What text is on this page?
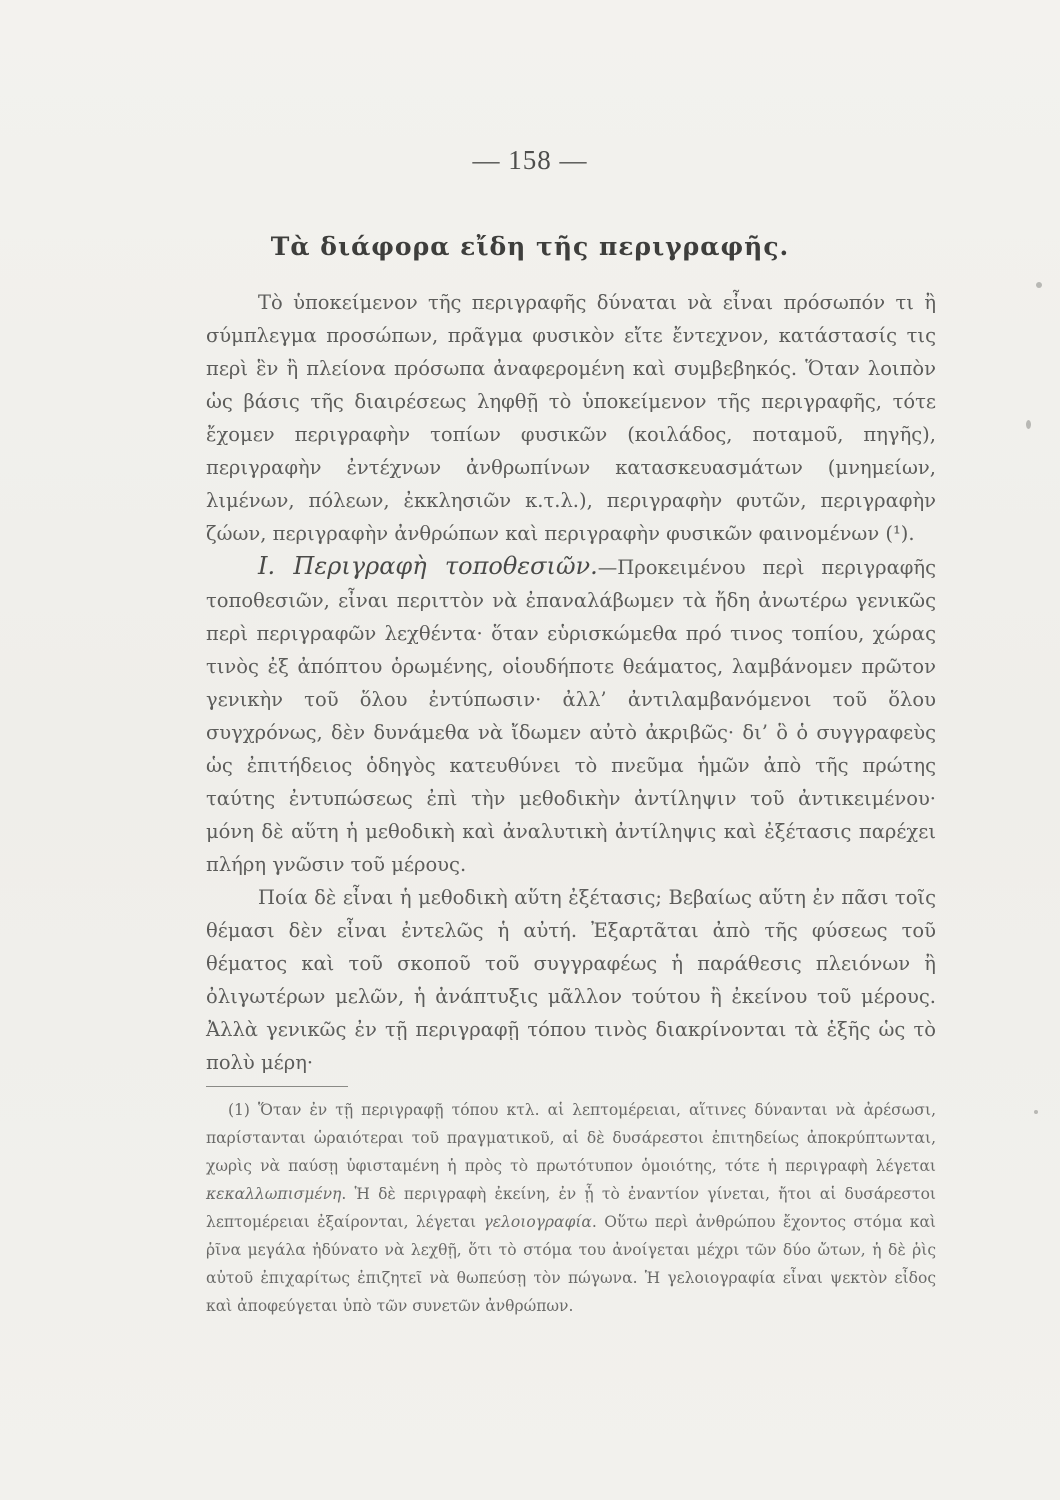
— 158 —
Τὰ διάφορα εἴδη τῆς περιγραφῆς.

Τὸ ὑποκείμενον τῆς περιγραφῆς δύναται νὰ εἶναι πρόσωπόν τι ἢ σύμπλεγμα προσώπων, πρᾶγμα φυσικὸν εἴτε ἔντεχνον, κατάστασίς τις περὶ ἓν ἢ πλείονα πρόσωπα ἀναφερομένη καὶ συμβεβηκός. Ὅταν λοιπὸν ὡς βάσις τῆς διαιρέσεως ληφθῇ τὸ ὑποκείμενον τῆς περιγραφῆς, τότε ἔχομεν περιγραφὴν τοπίων φυσικῶν (κοιλάδος, ποταμοῦ, πηγῆς), περιγραφὴν ἐντέχνων ἀνθρωπίνων κατασκευασμάτων (μνημείων, λιμένων, πόλεων, ἐκκλησιῶν κ.τ.λ.), περιγραφὴν φυτῶν, περιγραφὴν ζώων, περιγραφὴν ἀνθρώπων καὶ περιγραφὴν φυσικῶν φαινομένων (¹).

I. Περιγραφὴ τοποθεσιῶν.—Προκειμένου περὶ περιγραφῆς τοποθεσιῶν, εἶναι περιττὸν νὰ ἐπαναλάβωμεν τὰ ἤδη ἀνωτέρω γενικῶς περὶ περιγραφῶν λεχθέντα· ὅταν εὑρισκώμεθα πρό τινος τοπίου, χώρας τινὸς ἐξ ἀπόπτου ὁρωμένης, οἱουδήποτε θεάματος, λαμβάνομεν πρῶτον γενικὴν τοῦ ὅλου ἐντύπωσιν· ἀλλ’ ἀντιλαμβανόμενοι τοῦ ὅλου συγχρόνως, δὲν δυνάμεθα νὰ ἴδωμεν αὐτὸ ἀκριβῶς· δι’ ὃ ὁ συγγραφεὺς ὡς ἐπιτήδειος ὁδηγὸς κατευθύνει τὸ πνεῦμα ἡμῶν ἀπὸ τῆς πρώτης ταύτης ἐντυπώσεως ἐπὶ τὴν μεθοδικὴν ἀντίληψιν τοῦ ἀντικειμένου· μόνη δὲ αὕτη ἡ μεθοδικὴ καὶ ἀναλυτικὴ ἀντίληψις καὶ ἐξέτασις παρέχει πλήρη γνῶσιν τοῦ μέρους.

Ποία δὲ εἶναι ἡ μεθοδικὴ αὕτη ἐξέτασις; Βεβαίως αὕτη ἐν πᾶσι τοῖς θέμασι δὲν εἶναι ἐντελῶς ἡ αὐτή. Ἐξαρτᾶται ἀπὸ τῆς φύσεως τοῦ θέματος καὶ τοῦ σκοποῦ τοῦ συγγραφέως ἡ παράθεσις πλειόνων ἢ ὀλιγωτέρων μελῶν, ἡ ἀνάπτυξις μᾶλλον τούτου ἢ ἐκείνου τοῦ μέρους. Ἀλλὰ γενικῶς ἐν τῇ περιγραφῇ τόπου τινὸς διακρίνονται τὰ ἑξῆς ὡς τὸ πολὺ μέρη·

(1) Ὅταν ἐν τῇ περιγραφῇ τόπου κτλ. αἱ λεπτομέρειαι, αἵτινες δύνανται νὰ ἀρέσωσι, παρίστανται ὡραιότεραι τοῦ πραγματικοῦ, αἱ δὲ δυσάρεστοι ἐπιτηδείως ἀποκρύπτωνται, χωρὶς νὰ παύσῃ ὑφισταμένη ἡ πρὸς τὸ πρωτότυπον ὁμοιότης, τότε ἡ περιγραφὴ λέγεται κεκαλλωπισμένη. Ἡ δὲ περιγραφὴ ἐκείνη, ἐν ᾗ τὸ ἐναντίον γίνεται, ἤτοι αἱ δυσάρεστοι λεπτομέρειαι ἐξαίρονται, λέγεται γελοιογραφία. Οὕτω περὶ ἀνθρώπου ἔχοντος στόμα καὶ ῥῖνα μεγάλα ἠδύνατο νὰ λεχθῇ, ὅτι τὸ στόμα του ἀνοίγεται μέχρι τῶν δύο ὤτων, ἡ δὲ ῥὶς αὐτοῦ ἐπιχαρίτως ἐπιζητεῖ νὰ θωπεύσῃ τὸν πώγωνα. Ἡ γελοιογραφία εἶναι ψεκτὸν εἶδος καὶ ἀποφεύγεται ὑπὸ τῶν συνετῶν ἀνθρώπων.
